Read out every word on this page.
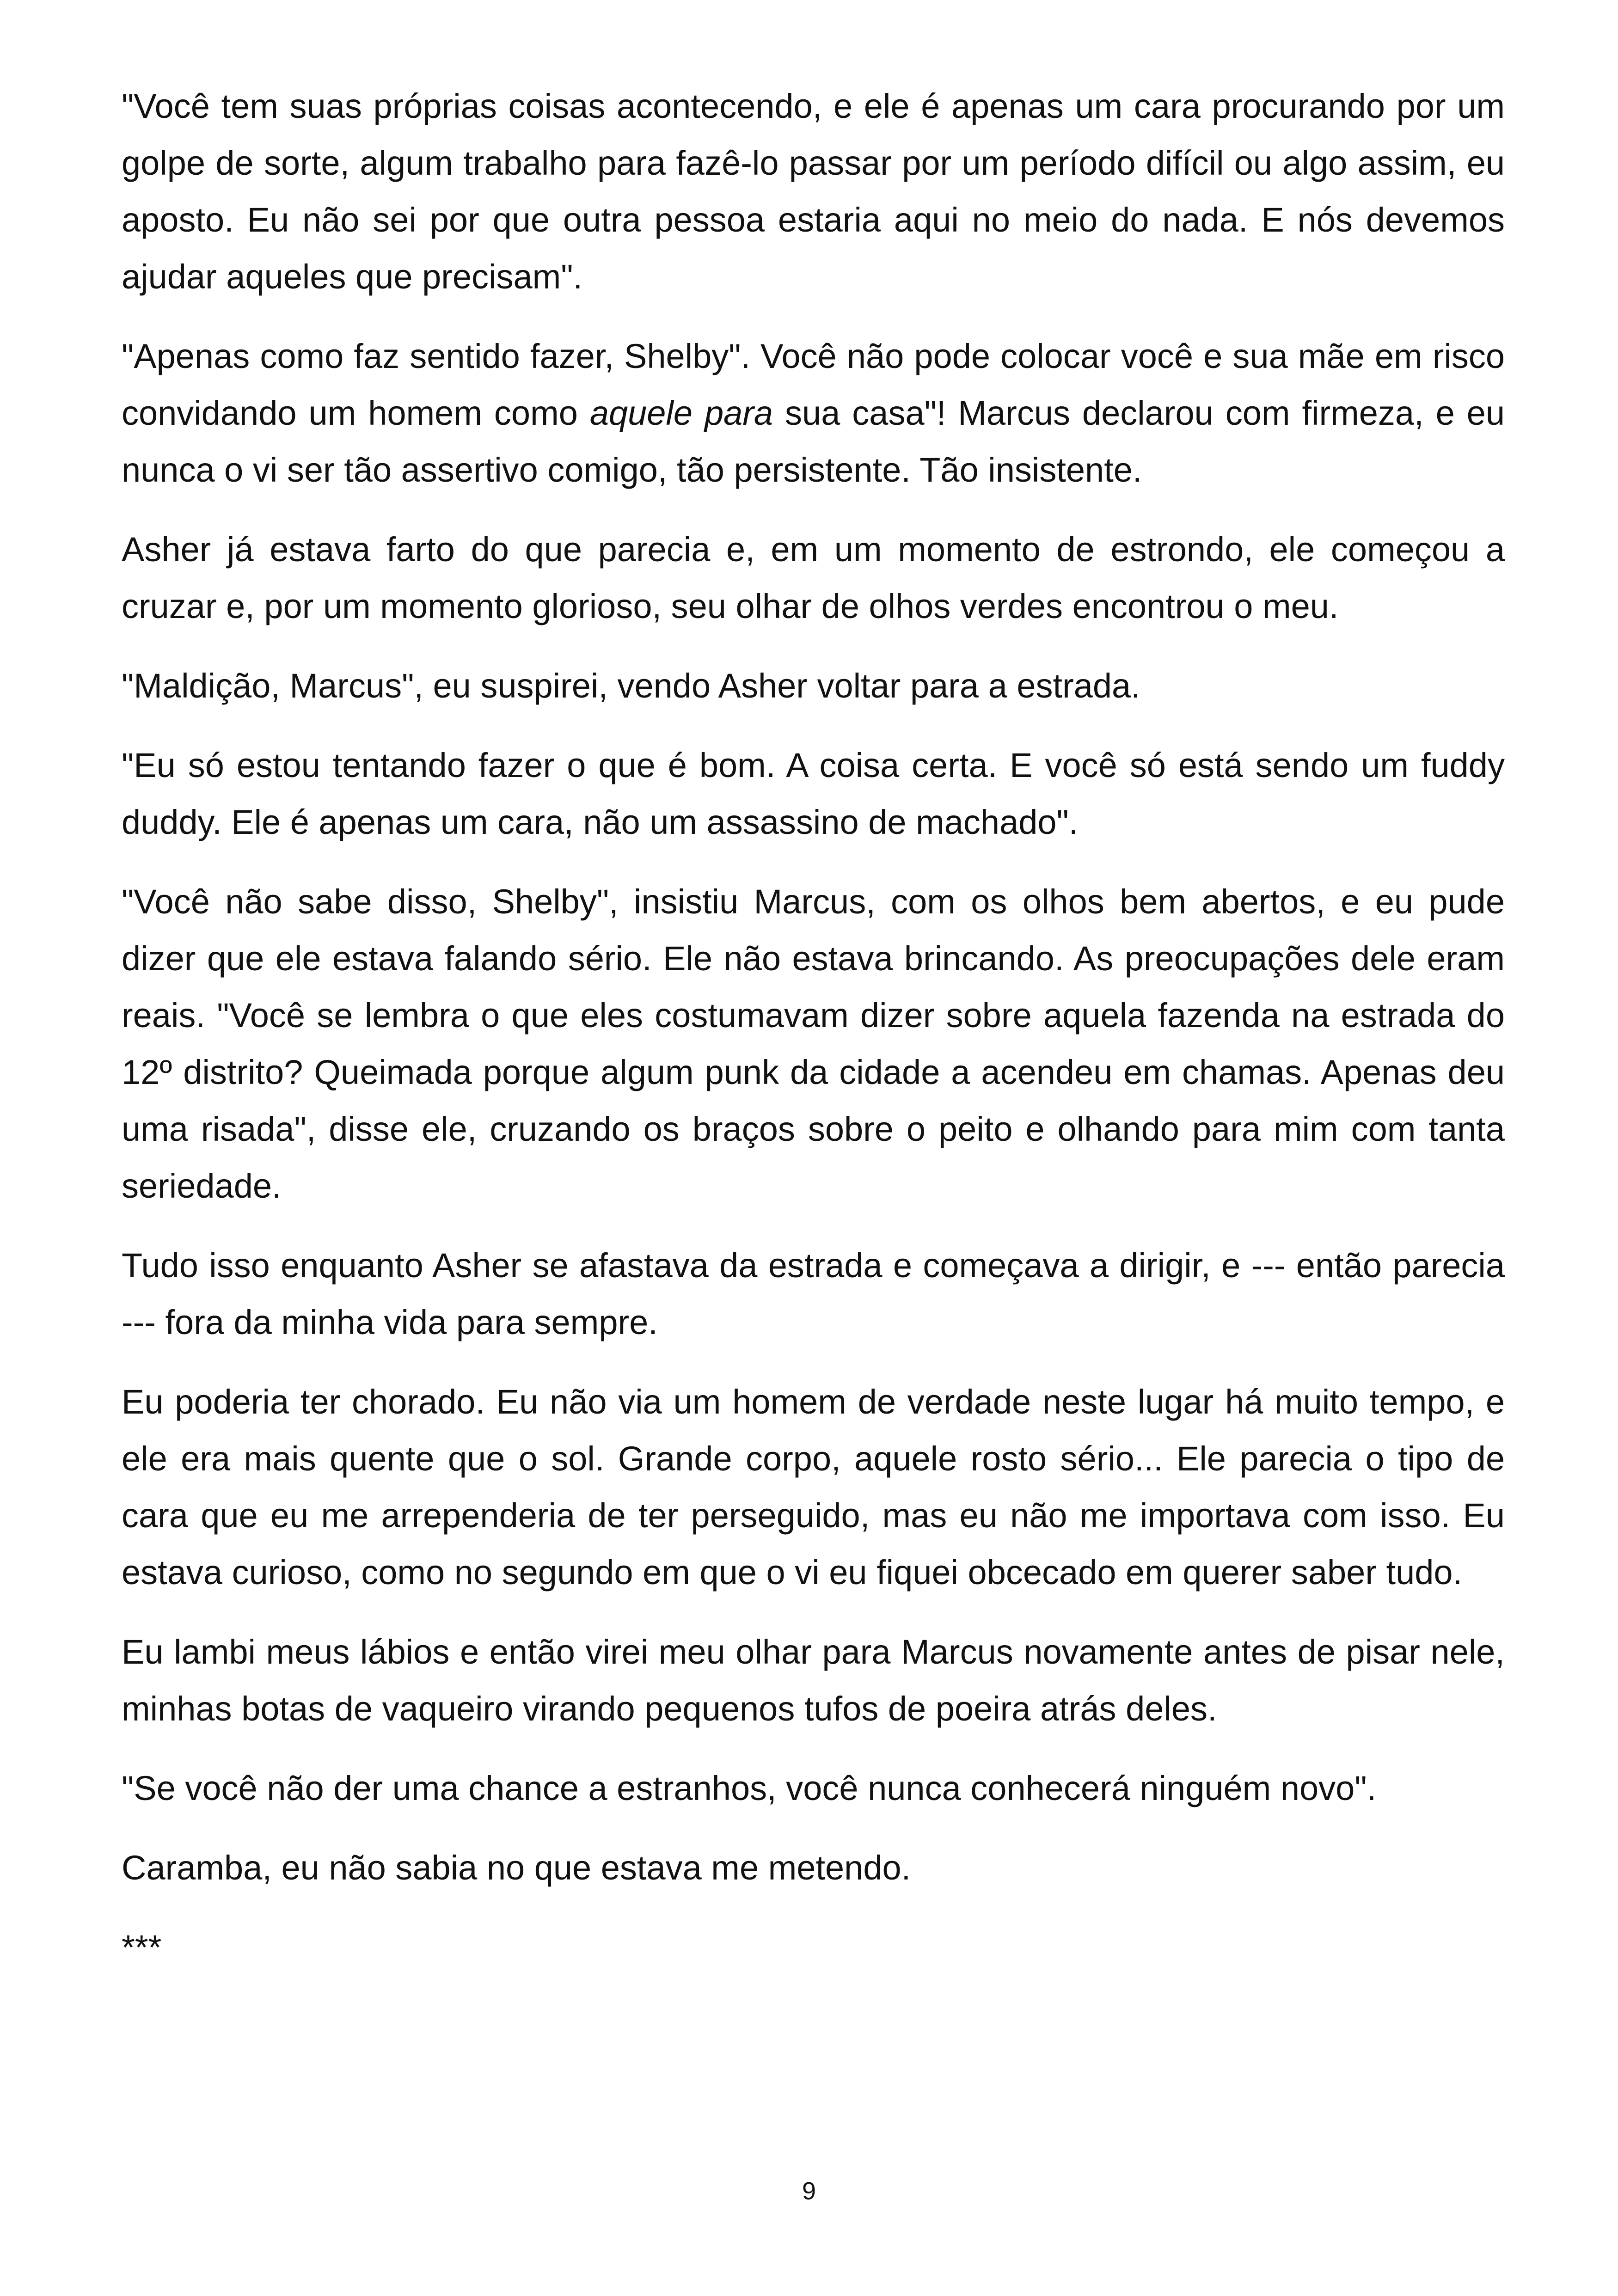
"Você tem suas próprias coisas acontecendo, e ele é apenas um cara procurando por um golpe de sorte, algum trabalho para fazê-lo passar por um período difícil ou algo assim, eu aposto. Eu não sei por que outra pessoa estaria aqui no meio do nada. E nós devemos ajudar aqueles que precisam".

"Apenas como faz sentido fazer, Shelby". Você não pode colocar você e sua mãe em risco convidando um homem como aquele para sua casa"! Marcus declarou com firmeza, e eu nunca o vi ser tão assertivo comigo, tão persistente. Tão insistente.

Asher já estava farto do que parecia e, em um momento de estrondo, ele começou a cruzar e, por um momento glorioso, seu olhar de olhos verdes encontrou o meu.

"Maldição, Marcus", eu suspirei, vendo Asher voltar para a estrada.

"Eu só estou tentando fazer o que é bom. A coisa certa. E você só está sendo um fuddy duddy. Ele é apenas um cara, não um assassino de machado".

"Você não sabe disso, Shelby", insistiu Marcus, com os olhos bem abertos, e eu pude dizer que ele estava falando sério. Ele não estava brincando. As preocupações dele eram reais. "Você se lembra o que eles costumavam dizer sobre aquela fazenda na estrada do 12º distrito? Queimada porque algum punk da cidade a acendeu em chamas. Apenas deu uma risada", disse ele, cruzando os braços sobre o peito e olhando para mim com tanta seriedade.

Tudo isso enquanto Asher se afastava da estrada e começava a dirigir, e --- então parecia --- fora da minha vida para sempre.

Eu poderia ter chorado. Eu não via um homem de verdade neste lugar há muito tempo, e ele era mais quente que o sol. Grande corpo, aquele rosto sério... Ele parecia o tipo de cara que eu me arrependeria de ter perseguido, mas eu não me importava com isso. Eu estava curioso, como no segundo em que o vi eu fiquei obcecado em querer saber tudo.

Eu lambi meus lábios e então virei meu olhar para Marcus novamente antes de pisar nele, minhas botas de vaqueiro virando pequenos tufos de poeira atrás deles.

"Se você não der uma chance a estranhos, você nunca conhecerá ninguém novo".

Caramba, eu não sabia no que estava me metendo.

***

9
